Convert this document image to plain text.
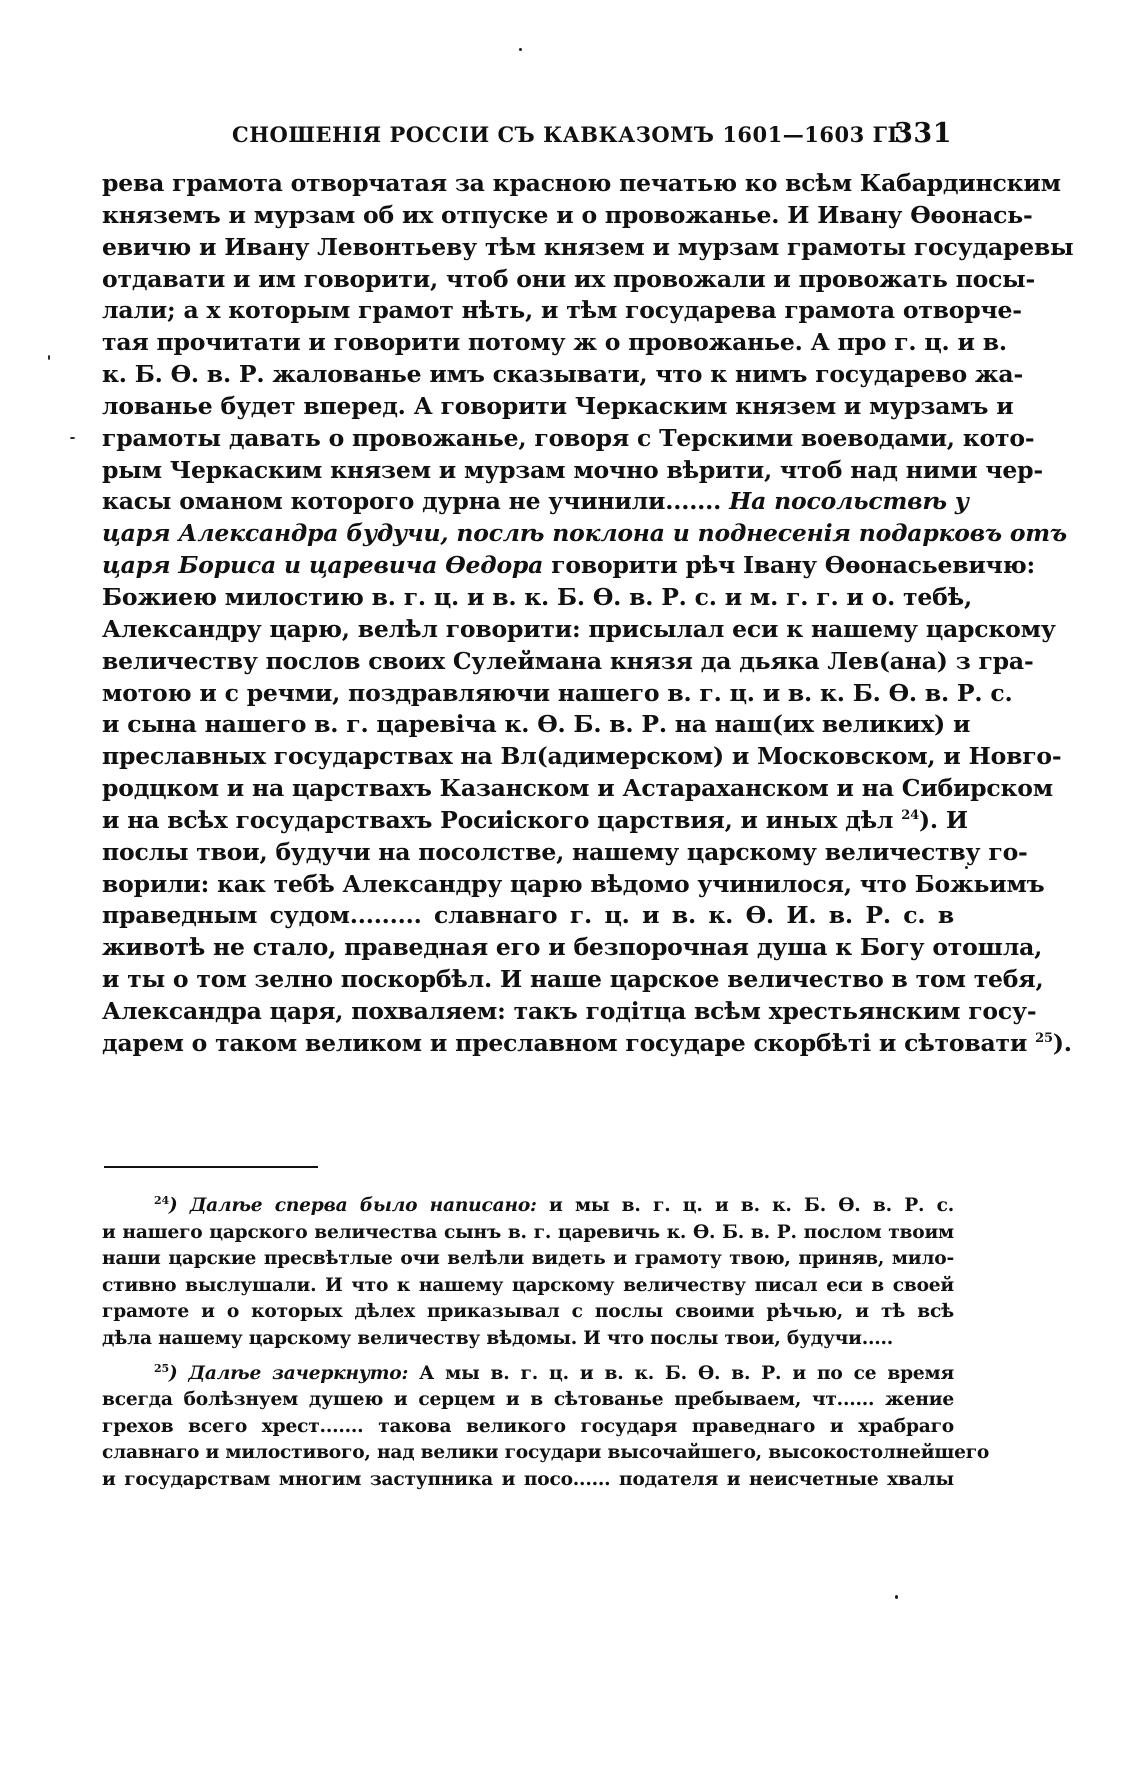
СНОШЕНІЯ РОССІИ СЪ КАВКАЗОМЪ 1601—1603 ГГ.
331
рева грамота отворчатая за красною печатью ко всѣм Кабардинским
княземъ и мурзам об их отпуске и о провожанье. И Ивану Ѳѳонась-
евичю и Ивану Левонтьеву тѣм князем и мурзам грамоты государевы
отдавати и им говорити, чтоб они их провожали и провожать посы-
лали; а х которым грамот нѣть, и тѣм государева грамота отворче-
тая прочитати и говорити потому ж о провожанье. А про г. ц. и в.
к. Б. Ѳ. в. Р. жалованье имъ сказывати, что к нимъ государево жа-
лованье будет вперед. А говорити Черкаским князем и мурзамъ и
грамоты давать о провожанье, говоря с Терскими воеводами, кото-
рым Черкаским князем и мурзам мочно вѣрити, чтоб над ними чер-
касы оманом которого дурна не учинили....... На посольствѣ у
царя Александра будучи, послѣ поклона и поднесенія подарковъ отъ
царя Бориса и царевича Ѳедора говорити рѣч Івану Ѳѳонасьевичю:
Божиею милостию в. г. ц. и в. к. Б. Ѳ. в. Р. с. и м. г. г. и о. тебѣ,
Александру царю, велѣл говорити: присылал еси к нашему царскому
величеству послов своих Сулеймана князя да дьяка Лев(ана) з гра-
мотою и с речми, поздравляючи нашего в. г. ц. и в. к. Б. Ѳ. в. Р. с.
и сына нашего в. г. царевіча к. Ѳ. Б. в. Р. на наш(их великих) и
преславных государствах на Вл(адимерском) и Московском, и Новго-
родцком и на царствахъ Казанском и Астараханском и на Сибирском
и на всѣх государствахъ Росиіского царствия, и иных дѣл $^{24}$). И
послы твои, будучи на посолстве, нашему царскому величеству го-
ворили: как тебѣ Александру царю вѣдомо учинилося, что Божьимъ
праведным судом......... славнаго г. ц. и в. к. Ѳ. И. в. Р. с. в
животѣ не стало, праведная его и безпорочная душа к Богу отошла,
и ты о том зелно поскорбѣл. И наше царское величество в том тебя,
Александра царя, похваляем: такъ годітца всѣм хрестьянским госу-
дарем о таком великом и преславном государе скорбѣті и сѣтовати $^{25}$).
$^{24}$) Далѣе сперва было написано: и мы в. г. ц. и в. к. Б. Ѳ. в. Р. с.
и нашего царского величества сынъ в. г. царевичь к. Ѳ. Б. в. Р. послом твоим
наши царские пресвѣтлые очи велѣли видеть и грамоту твою, приняв, мило-
стивно выслушали. И что к нашему царскому величеству писал еси в своей
грамоте и о которых дѣлех приказывал с послы своими рѣчью, и тѣ всѣ
дѣла нашему царскому величеству вѣдомы. И что послы твои, будучи.....
$^{25}$) Далѣе зачеркнуто: А мы в. г. ц. и в. к. Б. Ѳ. в. Р. и по се время
всегда болѣзнуем душею и серцем и в сѣтованье пребываем, чт...... жение
грехов всего хрест....... такова великого государя праведнаго и храбраго
славнаго и милостивого, над велики государи высочайшего, высокостолнейшего
и государствам многим заступника и посо...... подателя и неисчетные хвалы
